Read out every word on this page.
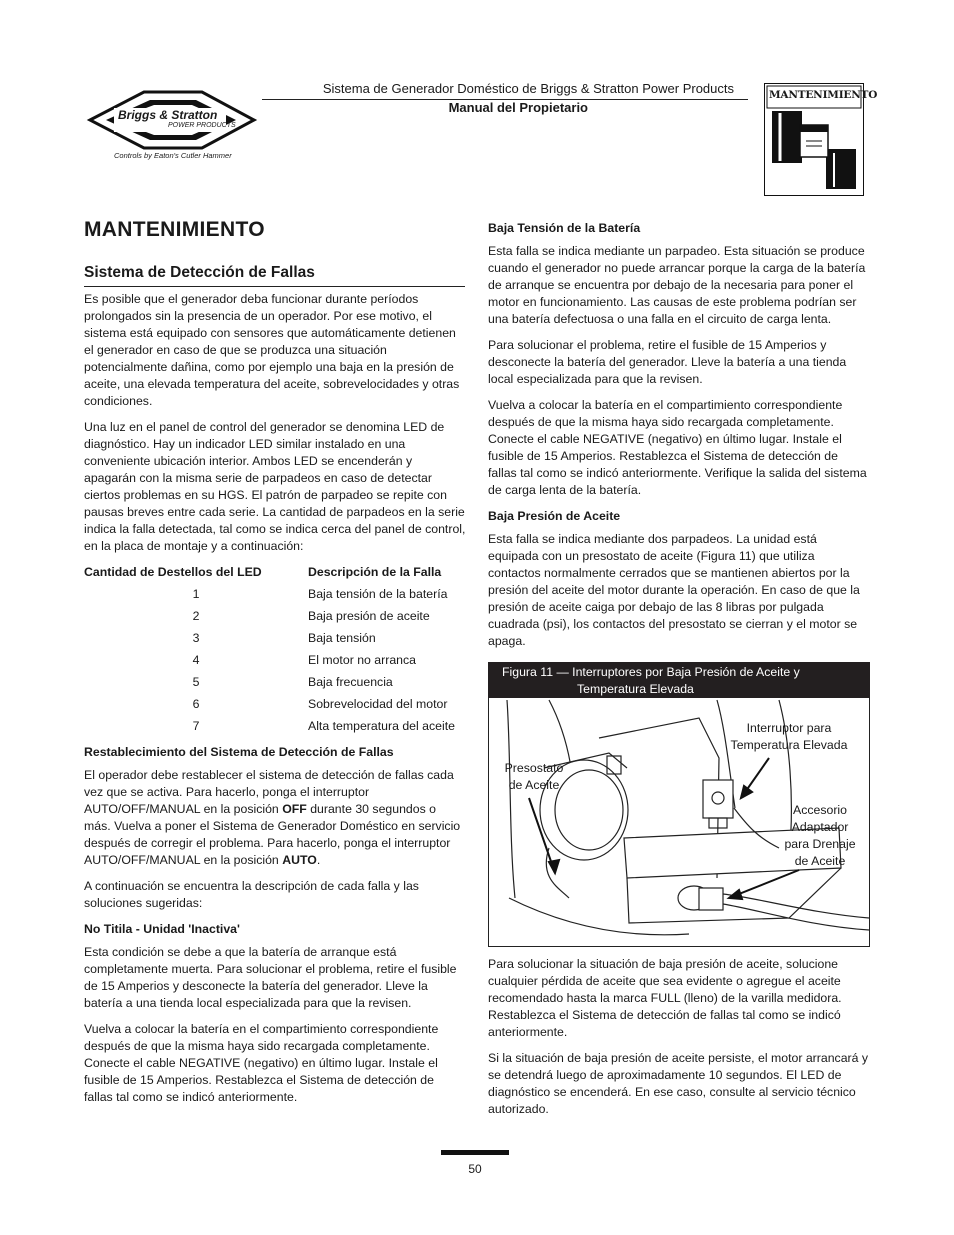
Briggs & Stratton
POWER PRODUCTS
Controls by Eaton's Cutler Hammer
Sistema de Generador Doméstico de Briggs & Stratton Power Products
Manual del Propietario
MANTENIMIENTO
MANTENIMIENTO
Sistema de Detección de Fallas

Es posible que el generador deba funcionar durante períodos prolongados sin la presencia de un operador. Por ese motivo, el sistema está equipado con sensores que automáticamente detienen el generador en caso de que se produzca una situación potencialmente dañina, como por ejemplo una baja en la presión de aceite, una elevada temperatura del aceite, sobrevelocidades y otras condiciones.

Una luz en el panel de control del generador se denomina LED de diagnóstico. Hay un indicador LED similar instalado en una conveniente ubicación interior. Ambos LED se encenderán y apagarán con la misma serie de parpadeos en caso de detectar ciertos problemas en su HGS. El patrón de parpadeo se repite con pausas breves entre cada serie. La cantidad de parpadeos en la serie indica la falla detectada, tal como se indica cerca del panel de control, en la placa de montaje y a continuación:

Cantidad de Destellos del LED	Descripción de la Falla
1	Baja tensión de la batería
2	Baja presión de aceite
3	Baja tensión
4	El motor no arranca
5	Baja frecuencia
6	Sobrevelocidad del motor
7	Alta temperatura del aceite
Restablecimiento del Sistema de Detección de Fallas

El operador debe restablecer el sistema de detección de fallas cada vez que se activa. Para hacerlo, ponga el interruptor AUTO/OFF/MANUAL en la posición OFF durante 30 segundos o más. Vuelva a poner el Sistema de Generador Doméstico en servicio después de corregir el problema. Para hacerlo, ponga el interruptor AUTO/OFF/MANUAL en la posición AUTO.

A continuación se encuentra la descripción de cada falla y las soluciones sugeridas:

No Titila - Unidad 'Inactiva'

Esta condición se debe a que la batería de arranque está completamente muerta. Para solucionar el problema, retire el fusible de 15 Amperios y desconecte la batería del generador. Lleve la batería a una tienda local especializada para que la revisen.

Vuelva a colocar la batería en el compartimiento correspondiente después de que la misma haya sido recargada completamente. Conecte el cable NEGATIVE (negativo) en último lugar. Instale el fusible de 15 Amperios. Restablezca el Sistema de detección de fallas tal como se indicó anteriormente.

Baja Tensión de la Batería

Esta falla se indica mediante un parpadeo. Esta situación se produce cuando el generador no puede arrancar porque la carga de la batería de arranque se encuentra por debajo de la necesaria para poner el motor en funcionamiento. Las causas de este problema podrían ser una batería defectuosa o una falla en el circuito de carga lenta.

Para solucionar el problema, retire el fusible de 15 Amperios y desconecte la batería del generador. Lleve la batería a una tienda local especializada para que la revisen.

Vuelva a colocar la batería en el compartimiento correspondiente después de que la misma haya sido recargada completamente. Conecte el cable NEGATIVE (negativo) en último lugar. Instale el fusible de 15 Amperios. Restablezca el Sistema de detección de fallas tal como se indicó anteriormente. Verifique la salida del sistema de carga lenta de la batería.

Baja Presión de Aceite

Esta falla se indica mediante dos parpadeos. La unidad está equipada con un presostato de aceite (Figura 11) que utiliza contactos normalmente cerrados que se mantienen abiertos por la presión del aceite del motor durante la operación. En caso de que la presión de aceite caiga por debajo de las 8 libras por pulgada cuadrada (psi), los contactos del presostato se cierran y el motor se apaga.

Figura 11 — Interruptores por Baja Presión de Aceite y
Temperatura Elevada
Interruptor para
Temperatura Elevada
Presostato
de Aceite
Accesorio
Adaptador
para Drenaje
de Aceite

Para solucionar la situación de baja presión de aceite, solucione cualquier pérdida de aceite que sea evidente o agregue el aceite recomendado hasta la marca FULL (lleno) de la varilla medidora. Restablezca el Sistema de detección de fallas tal como se indicó anteriormente.

Si la situación de baja presión de aceite persiste, el motor arrancará y se detendrá luego de aproximadamente 10 segundos. El LED de diagnóstico se encenderá. En ese caso, consulte al servicio técnico autorizado.

50
